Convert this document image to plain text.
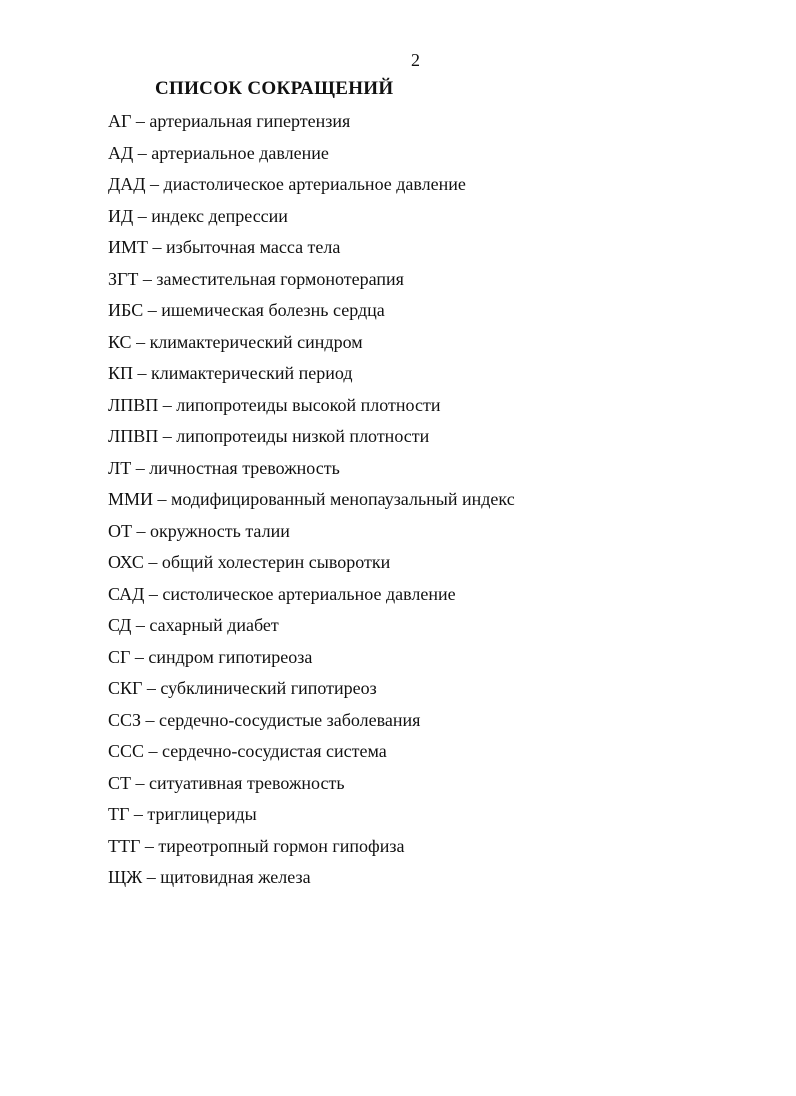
2
СПИСОК СОКРАЩЕНИЙ
АГ – артериальная гипертензия
АД – артериальное давление
ДАД – диастолическое артериальное давление
ИД – индекс депрессии
ИМТ – избыточная масса тела
ЗГТ – заместительная гормонотерапия
ИБС – ишемическая болезнь сердца
КС – климактерический синдром
КП – климактерический период
ЛПВП – липопротеиды высокой плотности
ЛПВП – липопротеиды низкой плотности
ЛТ – личностная тревожность
ММИ – модифицированный менопаузальный индекс
ОТ – окружность талии
ОХС – общий холестерин сыворотки
САД – систолическое артериальное давление
СД – сахарный диабет
СГ – синдром гипотиреоза
СКГ – субклинический гипотиреоз
ССЗ – сердечно-сосудистые заболевания
ССС – сердечно-сосудистая система
СТ – ситуативная тревожность
ТГ – триглицериды
ТТГ – тиреотропный гормон гипофиза
ЩЖ – щитовидная железа
